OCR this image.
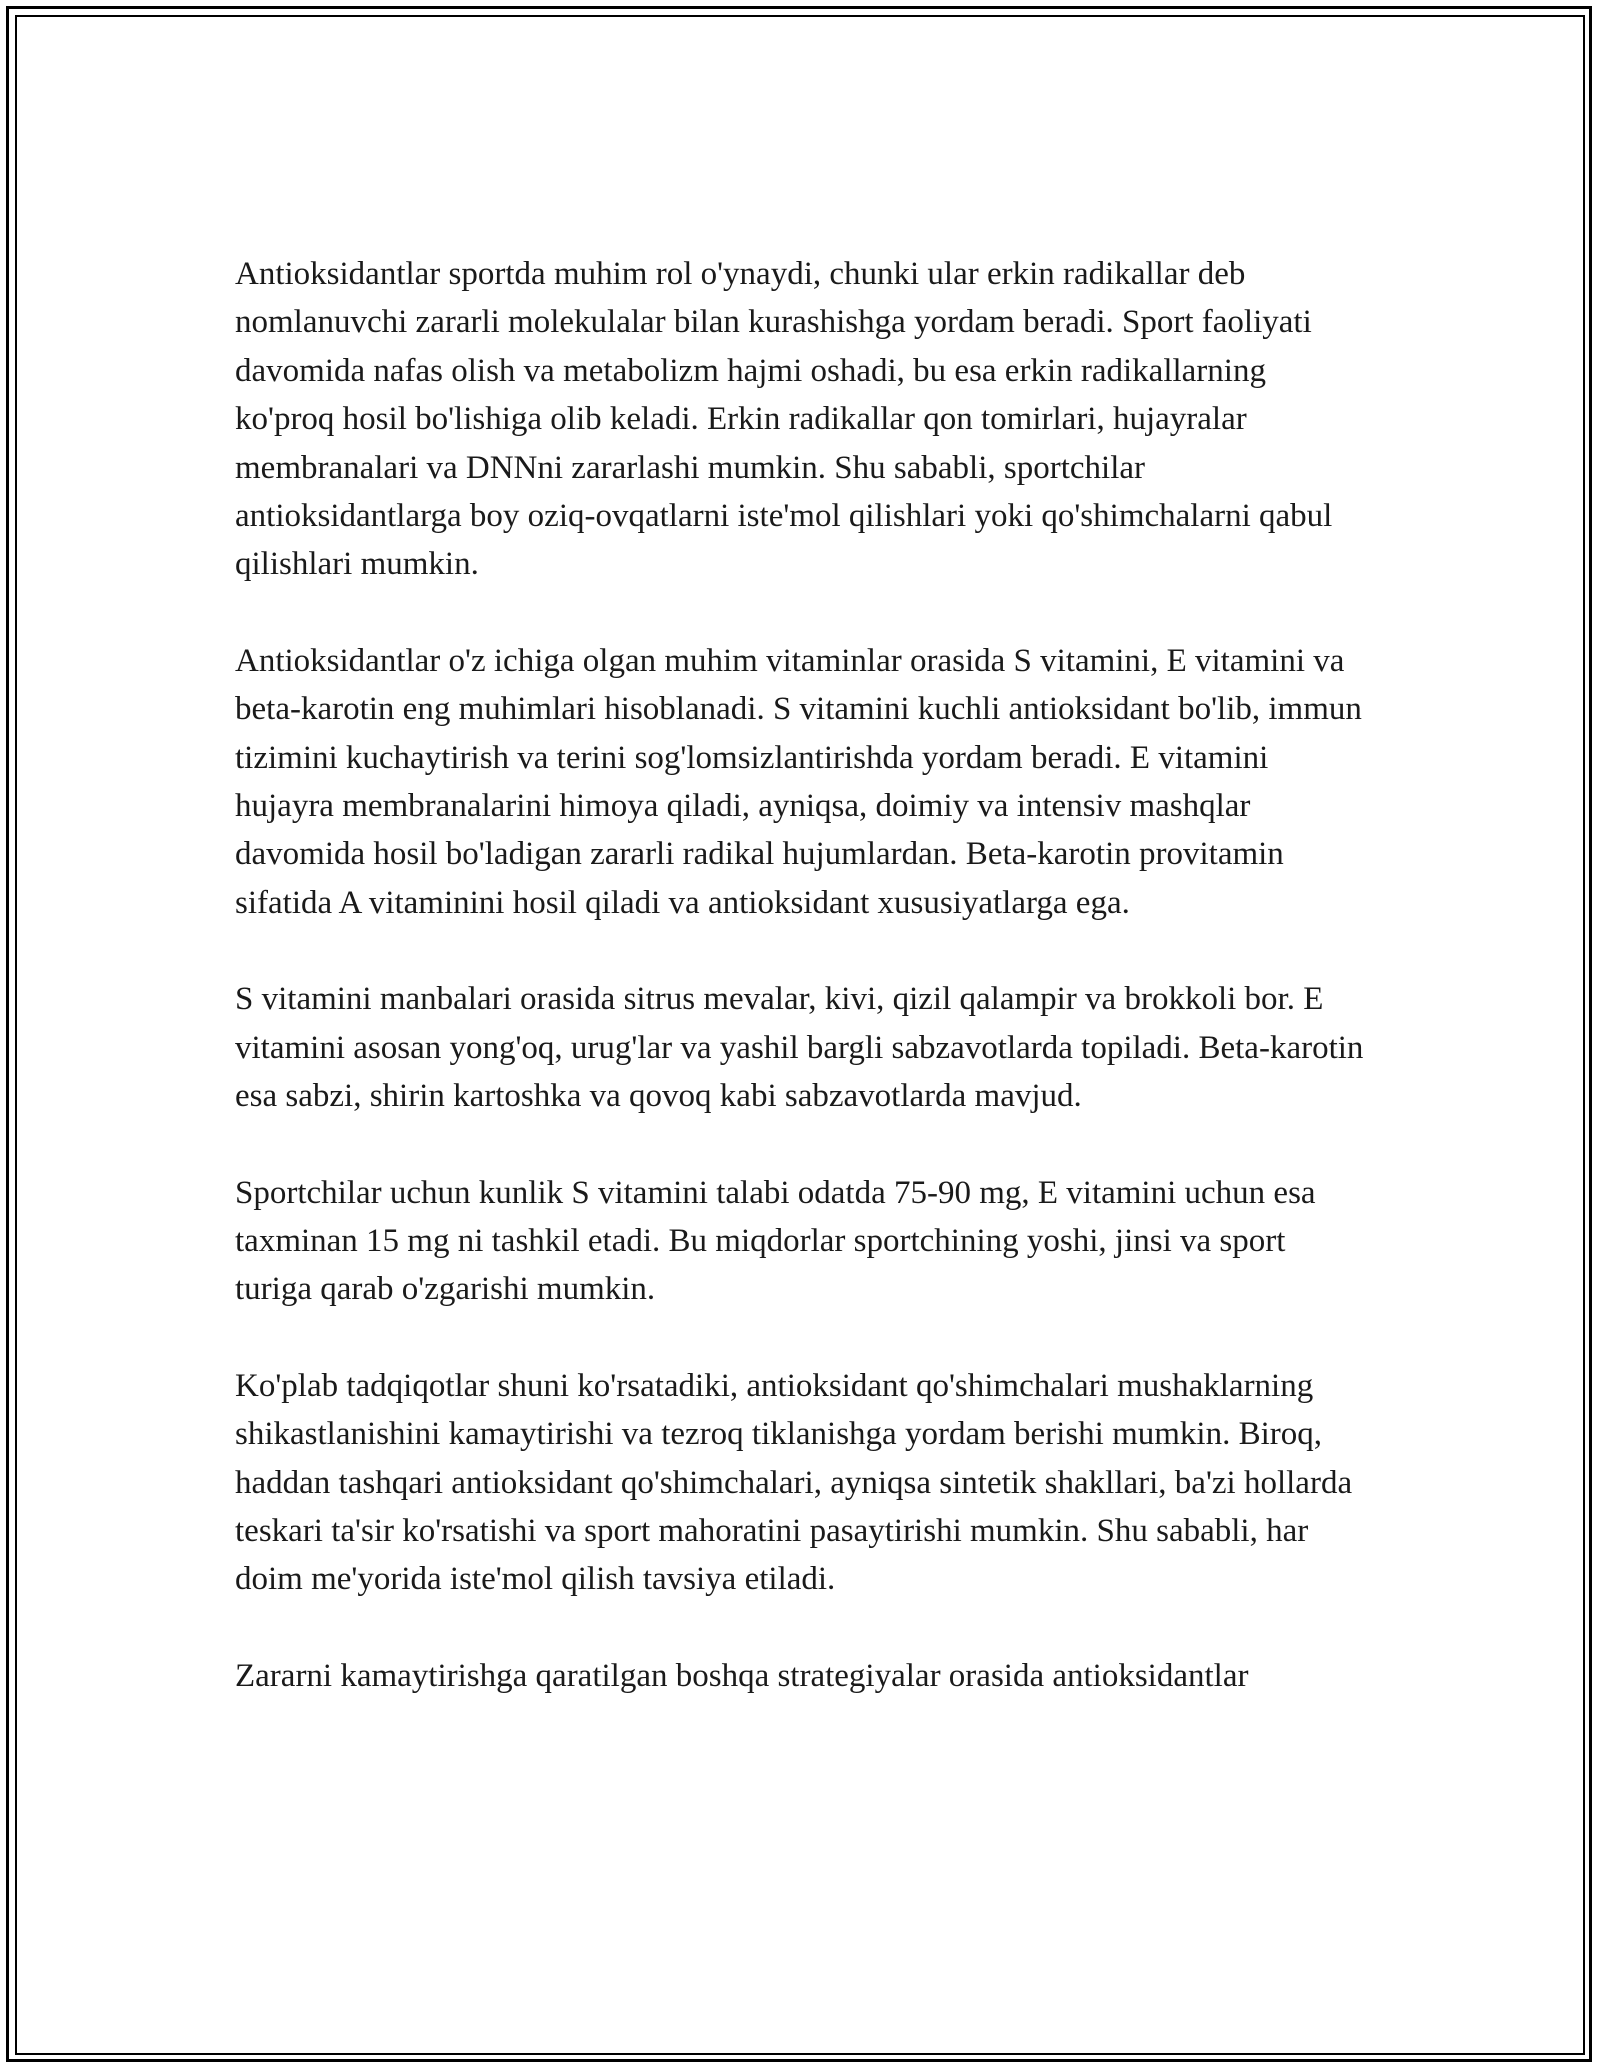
Antioksidantlar sportda muhim rol o'ynaydi, chunki ular erkin radikallar deb nomlanuvchi zararli molekulalar bilan kurashishga yordam beradi. Sport faoliyati davomida nafas olish va metabolizm hajmi oshadi, bu esa erkin radikallarning ko'proq hosil bo'lishiga olib keladi. Erkin radikallar qon tomirlari, hujayralar membranalari va DNNni zararlashi mumkin. Shu sababli, sportchilar antioksidantlarga boy oziq-ovqatlarni iste'mol qilishlari yoki qo'shimchalarni qabul qilishlari mumkin.

Antioksidantlar o'z ichiga olgan muhim vitaminlar orasida S vitamini, E vitamini va beta-karotin eng muhimlari hisoblanadi. S vitamini kuchli antioksidant bo'lib, immun tizimini kuchaytirish va terini sog'lomsizlantirishda yordam beradi. E vitamini hujayra membranalarini himoya qiladi, ayniqsa, doimiy va intensiv mashqlar davomida hosil bo'ladigan zararli radikal hujumlardan. Beta-karotin provitamin sifatida A vitaminini hosil qiladi va antioksidant xususiyatlarga ega.

S vitamini manbalari orasida sitrus mevalar, kivi, qizil qalampir va brokkoli bor. E vitamini asosan yong'oq, urug'lar va yashil bargli sabzavotlarda topiladi. Beta-karotin esa sabzi, shirin kartoshka va qovoq kabi sabzavotlarda mavjud.

Sportchilar uchun kunlik S vitamini talabi odatda 75-90 mg, E vitamini uchun esa taxminan 15 mg ni tashkil etadi. Bu miqdorlar sportchining yoshi, jinsi va sport turiga qarab o'zgarishi mumkin.

Ko'plab tadqiqotlar shuni ko'rsatadiki, antioksidant qo'shimchalari mushaklarning shikastlanishini kamaytirishi va tezroq tiklanishga yordam berishi mumkin. Biroq, haddan tashqari antioksidant qo'shimchalari, ayniqsa sintetik shakllari, ba'zi hollarda teskari ta'sir ko'rsatishi va sport mahoratini pasaytirishi mumkin. Shu sababli, har doim me'yorida iste'mol qilish tavsiya etiladi.

Zararni kamaytirishga qaratilgan boshqa strategiyalar orasida antioksidantlar
